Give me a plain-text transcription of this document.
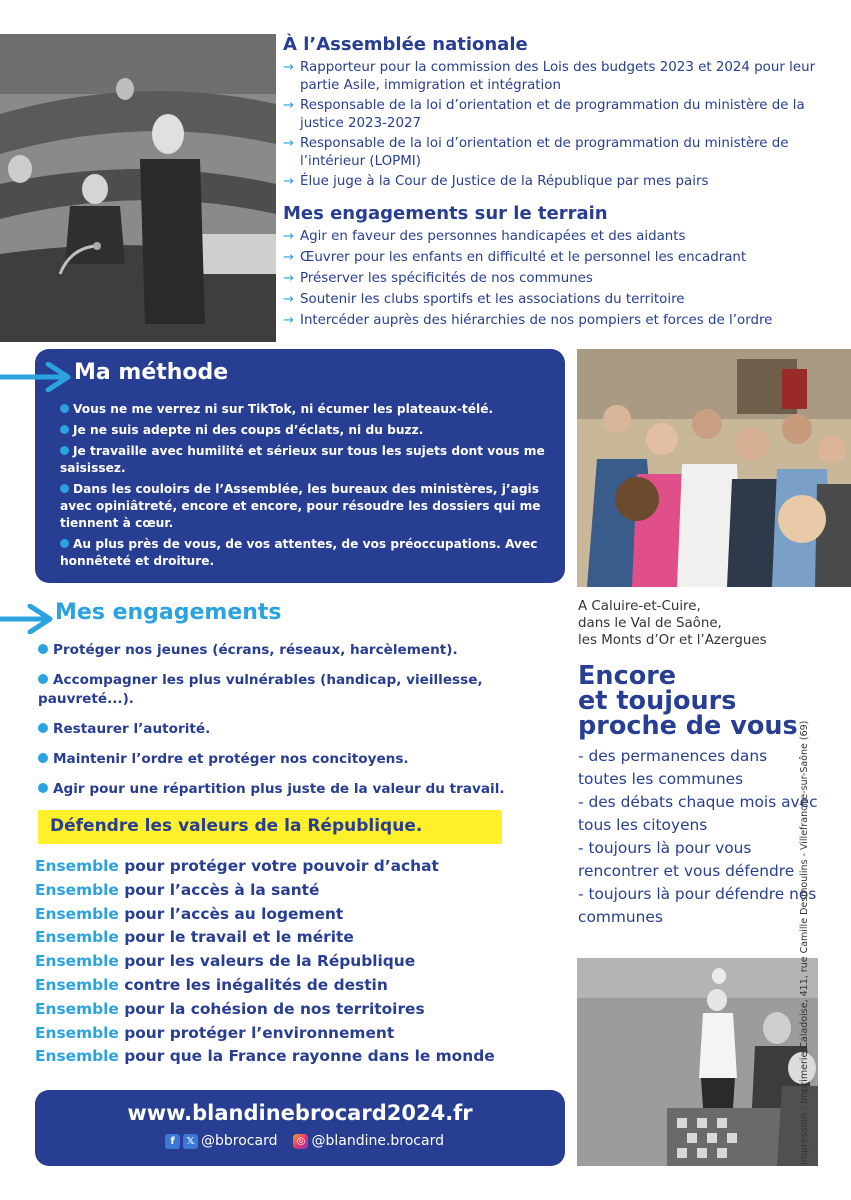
À l’Assemblée nationale
→ Rapporteur pour la commission des Lois des budgets 2023 et 2024 pour leur partie Asile, immigration et intégration
→ Responsable de la loi d’orientation et de programmation du ministère de la justice 2023-2027
→ Responsable de la loi d’orientation et de programmation du ministère de l’intérieur (LOPMI)
→ Élue juge à la Cour de Justice de la République par mes pairs
Mes engagements sur le terrain
→ Agir en faveur des personnes handicapées et des aidants
→ Œuvrer pour les enfants en difficulté et le personnel les encadrant
→ Préserver les spécificités de nos communes
→ Soutenir les clubs sportifs et les associations du territoire
→ Intercéder auprès des hiérarchies de nos pompiers et forces de l’ordre
Ma méthode
Vous ne me verrez ni sur TikTok, ni écumer les plateaux-télé.
Je ne suis adepte ni des coups d’éclats, ni du buzz.
Je travaille avec humilité et sérieux sur tous les sujets dont vous me saisissez.
Dans les couloirs de l’Assemblée, les bureaux des ministères, j’agis avec opiniâtreté, encore et encore, pour résoudre les dossiers qui me tiennent à cœur.
Au plus près de vous, de vos attentes, de vos préoccupations. Avec honnêteté et droiture.
Mes engagements
Protéger nos jeunes (écrans, réseaux, harcèlement).
Accompagner les plus vulnérables (handicap, vieillesse, pauvreté...).
Restaurer l’autorité.
Maintenir l’ordre et protéger nos concitoyens.
Agir pour une répartition plus juste de la valeur du travail.
Défendre les valeurs de la République.
Ensemble pour protéger votre pouvoir d’achat
Ensemble pour l’accès à la santé
Ensemble pour l’accès au logement
Ensemble pour le travail et le mérite
Ensemble pour les valeurs de la République
Ensemble contre les inégalités de destin
Ensemble pour la cohésion de nos territoires
Ensemble pour protéger l’environnement
Ensemble pour que la France rayonne dans le monde
www.blandinebrocard2024.fr
f	𝕏 @bbrocard	◎ @blandine.brocard
A Caluire-et-Cuire,
dans le Val de Saône,
les Monts d’Or et l’Azergues
Encore
et toujours
proche de vous
- des permanences dans toutes les communes
- des débats chaque mois avec tous les citoyens
- toujours là pour vous rencontrer et vous défendre
- toujours là pour défendre nos communes	Impression : Imprimerie Caladoise, 411, rue Camille Desmoulins - Villefranche-sur-Saône (69)
